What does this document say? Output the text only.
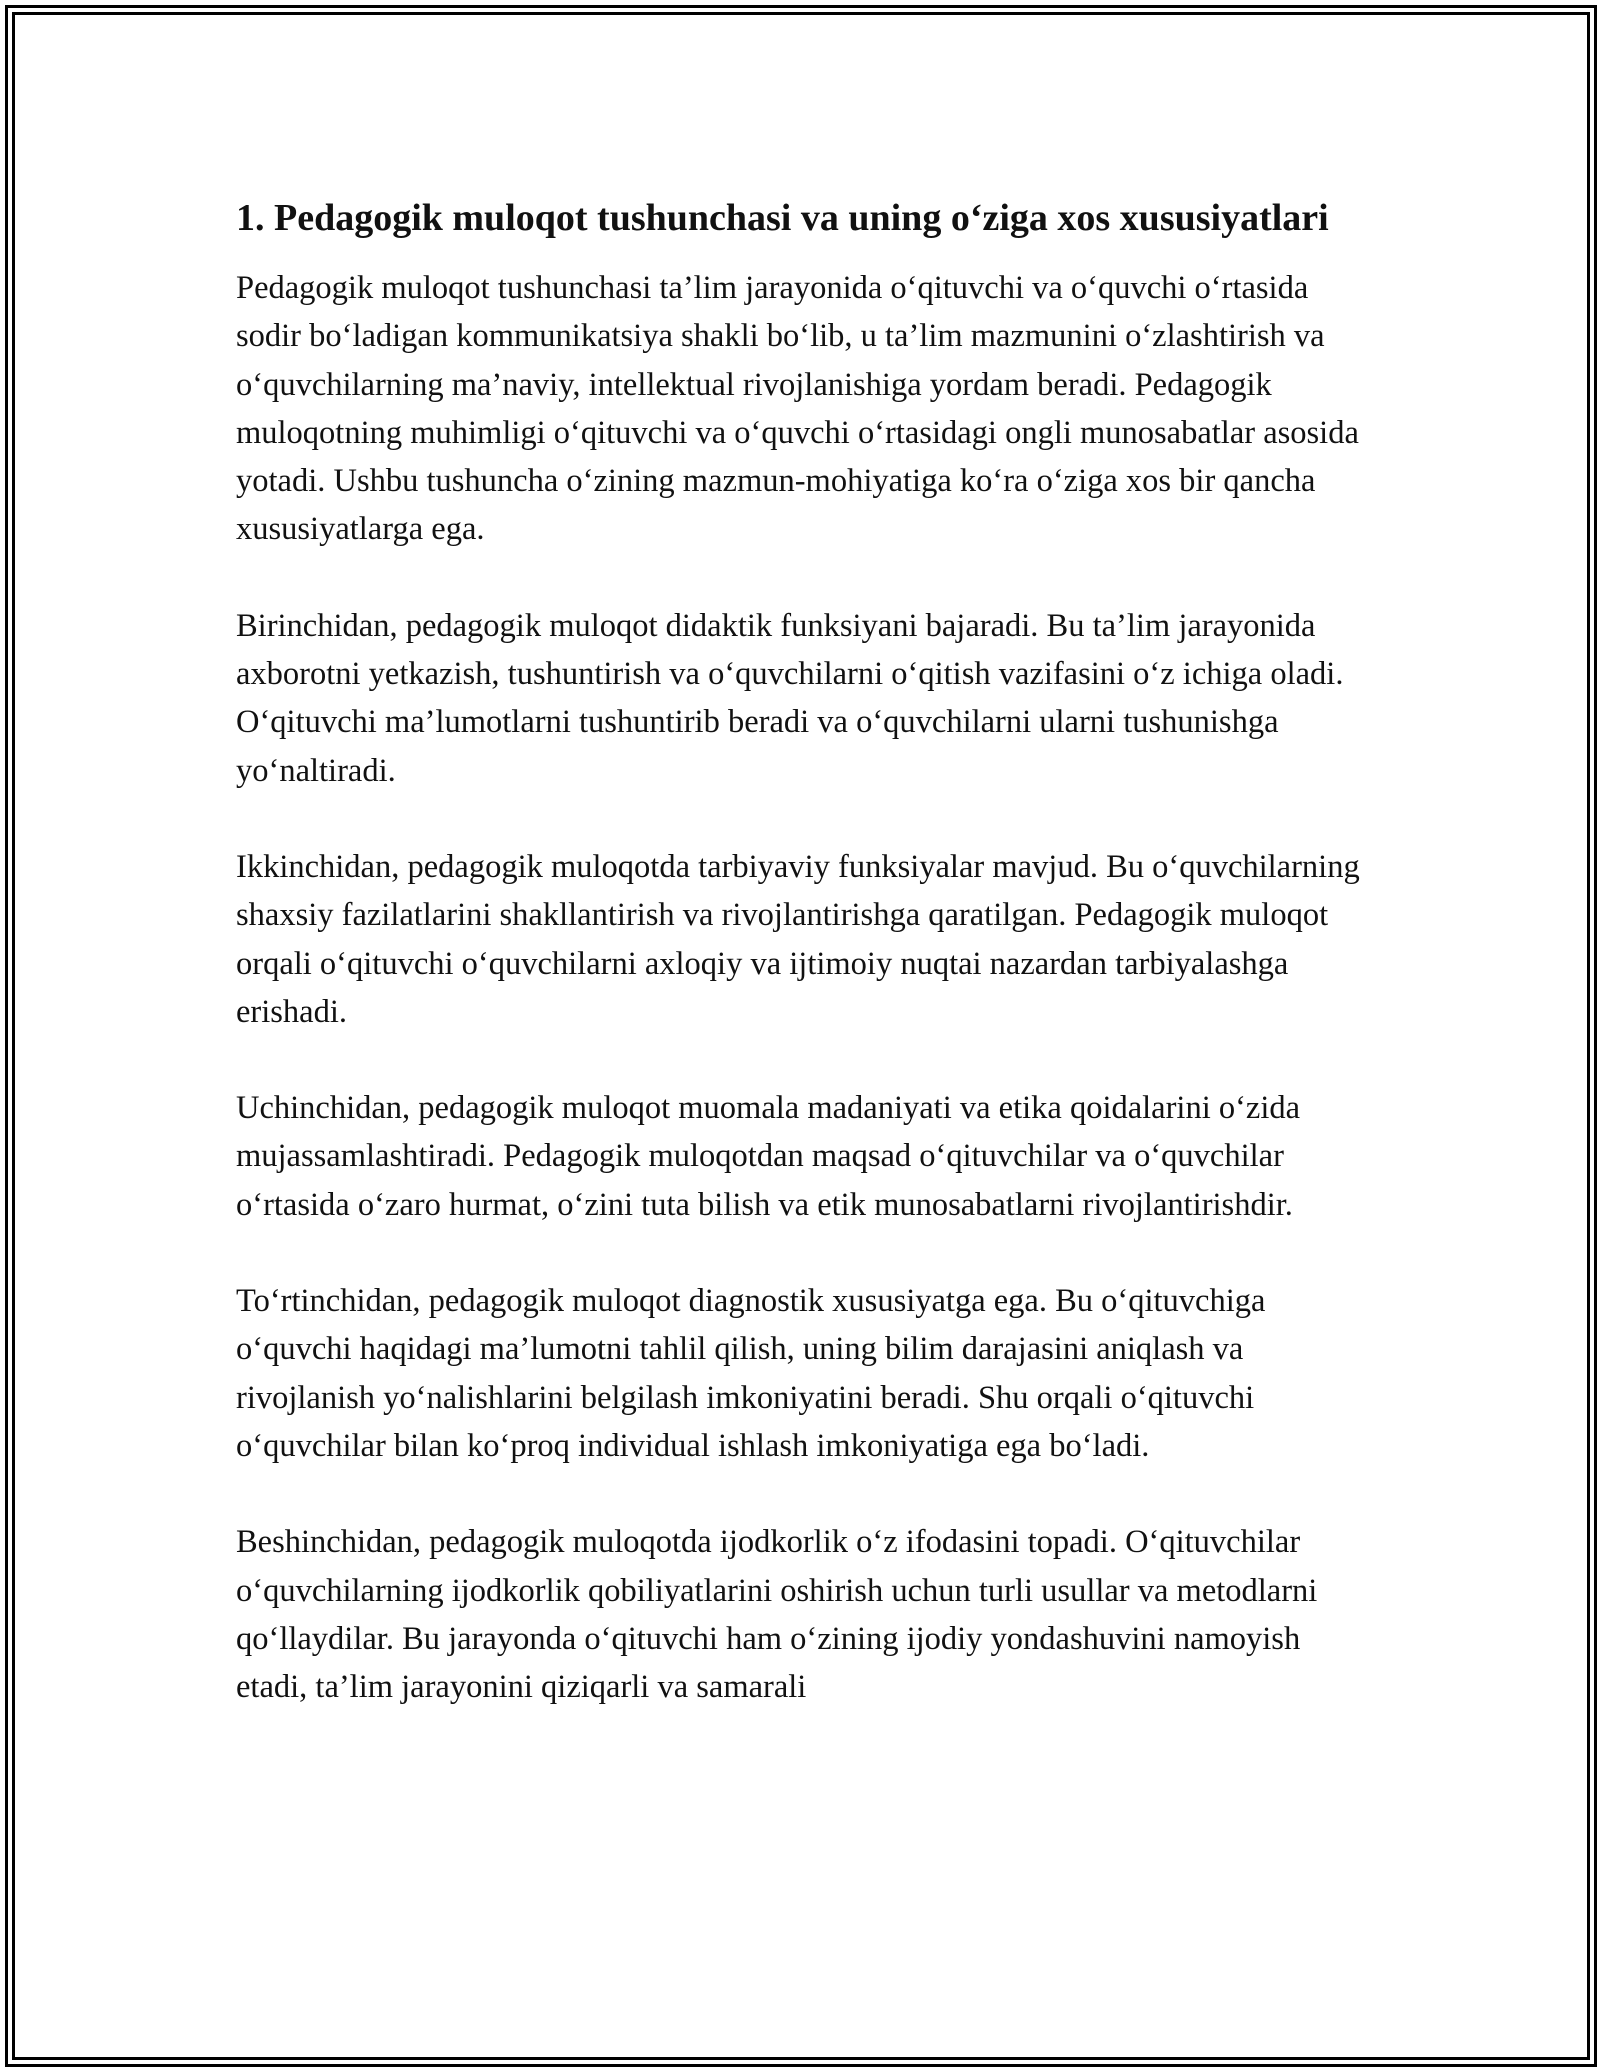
1. Pedagogik muloqot tushunchasi va uning o‘ziga xos xususiyatlari

Pedagogik muloqot tushunchasi ta’lim jarayonida o‘qituvchi va o‘quvchi o‘rtasida sodir bo‘ladigan kommunikatsiya shakli bo‘lib, u ta’lim mazmunini o‘zlashtirish va o‘quvchilarning ma’naviy, intellektual rivojlanishiga yordam beradi. Pedagogik muloqotning muhimligi o‘qituvchi va o‘quvchi o‘rtasidagi ongli munosabatlar asosida yotadi. Ushbu tushuncha o‘zining mazmun-mohiyatiga ko‘ra o‘ziga xos bir qancha xususiyatlarga ega.

Birinchidan, pedagogik muloqot didaktik funksiyani bajaradi. Bu ta’lim jarayonida axborotni yetkazish, tushuntirish va o‘quvchilarni o‘qitish vazifasini o‘z ichiga oladi. O‘qituvchi ma’lumotlarni tushuntirib beradi va o‘quvchilarni ularni tushunishga yo‘naltiradi.

Ikkinchidan, pedagogik muloqotda tarbiyaviy funksiyalar mavjud. Bu o‘quvchilarning shaxsiy fazilatlarini shakllantirish va rivojlantirishga qaratilgan. Pedagogik muloqot orqali o‘qituvchi o‘quvchilarni axloqiy va ijtimoiy nuqtai nazardan tarbiyalashga erishadi.

Uchinchidan, pedagogik muloqot muomala madaniyati va etika qoidalarini o‘zida mujassamlashtiradi. Pedagogik muloqotdan maqsad o‘qituvchilar va o‘quvchilar o‘rtasida o‘zaro hurmat, o‘zini tuta bilish va etik munosabatlarni rivojlantirishdir.

To‘rtinchidan, pedagogik muloqot diagnostik xususiyatga ega. Bu o‘qituvchiga o‘quvchi haqidagi ma’lumotni tahlil qilish, uning bilim darajasini aniqlash va rivojlanish yo‘nalishlarini belgilash imkoniyatini beradi. Shu orqali o‘qituvchi o‘quvchilar bilan ko‘proq individual ishlash imkoniyatiga ega bo‘ladi.

Beshinchidan, pedagogik muloqotda ijodkorlik o‘z ifodasini topadi. O‘qituvchilar o‘quvchilarning ijodkorlik qobiliyatlarini oshirish uchun turli usullar va metodlarni qo‘llaydilar. Bu jarayonda o‘qituvchi ham o‘zining ijodiy yondashuvini namoyish etadi, ta’lim jarayonini qiziqarli va samarali
